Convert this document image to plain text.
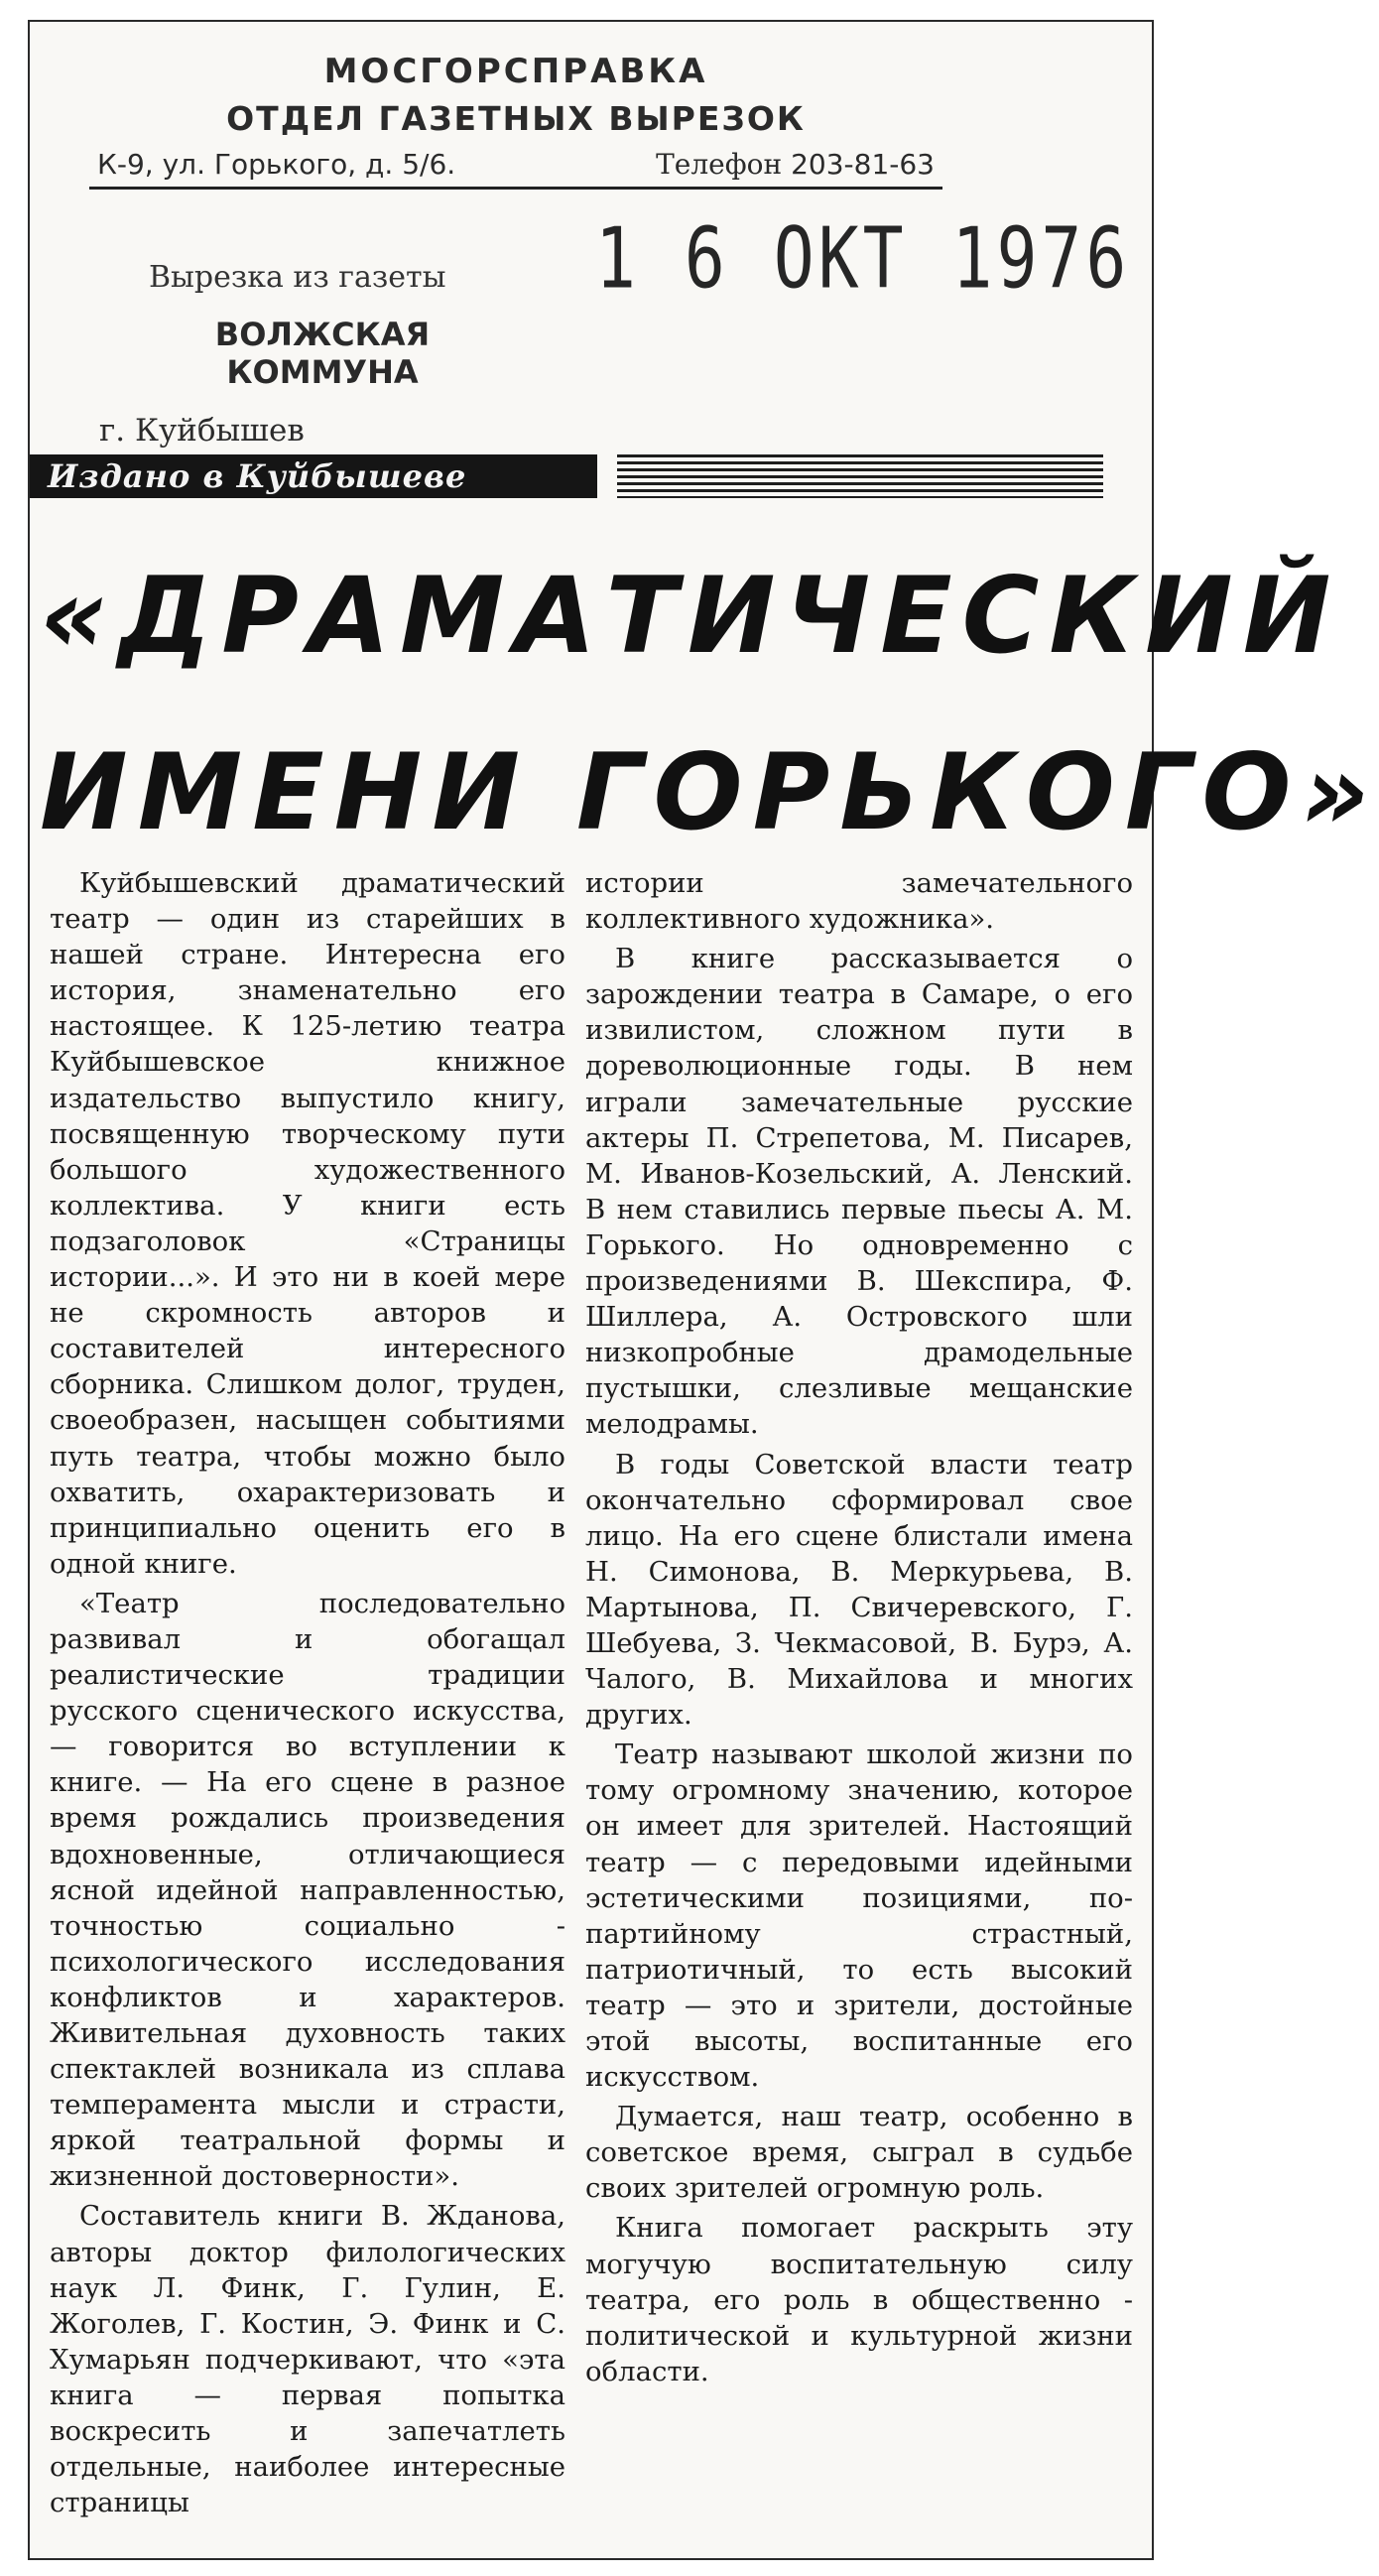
МОСГОРСПРАВКА
ОТДЕЛ ГАЗЕТНЫХ ВЫРЕЗОК
К-9, ул. Горького, д. 5/6.	Телефон 203-81-63
1 6 ОКТ 1976
Вырезка из газеты
ВОЛЖСКАЯ КОММУНА
г. Куйбышев
Издано в Куйбышеве
«ДРАМАТИЧЕСКИЙ
ИМЕНИ ГОРЬКОГО»

Куйбышевский драматический театр — один из старейших в нашей стране. Интересна его история, знаменательно его настоящее. К 125-летию театра Куйбышевское книжное издательство выпустило книгу, посвященную творческому пути большого художественного коллектива. У книги есть подзаголовок «Страницы истории...». И это ни в коей мере не скромность авторов и составителей интересного сборника. Слишком долог, труден, своеобразен, насыщен событиями путь театра, чтобы можно было охватить, охарактеризовать и принципиально оценить его в одной книге.

«Театр последовательно развивал и обогащал реалистические традиции русского сценического искусства, — говорится во вступлении к книге. — На его сцене в разное время рождались произведения вдохновенные, отличающиеся ясной идейной направленностью, точностью социально - психологического исследования конфликтов и характеров. Живительная духовность таких спектаклей возникала из сплава темперамента мысли и страсти, яркой театральной формы и жизненной достоверности».

Составитель книги В. Жданова, авторы доктор филологических наук Л. Финк, Г. Гулин, Е. Жоголев, Г. Костин, Э. Финк и С. Хумарьян подчеркивают, что «эта книга — первая попытка воскресить и запечатлеть отдельные, наиболее интересные страницы

истории замечательного коллективного художника».

В книге рассказывается о зарождении театра в Самаре, о его извилистом, сложном пути в дореволюционные годы. В нем играли замечательные русские актеры П. Стрепетова, М. Писарев, М. Иванов-Козельский, А. Ленский. В нем ставились первые пьесы А. М. Горького. Но одновременно с произведениями В. Шекспира, Ф. Шиллера, А. Островского шли низкопробные драмодельные пустышки, слезливые мещанские мелодрамы.

В годы Советской власти театр окончательно сформировал свое лицо. На его сцене блистали имена Н. Симонова, В. Меркурьева, В. Мартынова, П. Свичеревского, Г. Шебуева, З. Чекмасовой, В. Бурэ, А. Чалого, В. Михайлова и многих других.

Театр называют школой жизни по тому огромному значению, которое он имеет для зрителей. Настоящий театр — с передовыми идейными эстетическими позициями, по-партийному страстный, патриотичный, то есть высокий театр — это и зрители, достойные этой высоты, воспитанные его искусством.

Думается, наш театр, особенно в советское время, сыграл в судьбе своих зрителей огромную роль.

Книга помогает раскрыть эту могучую воспитательную силу театра, его роль в общественно - политической и культурной жизни области.
